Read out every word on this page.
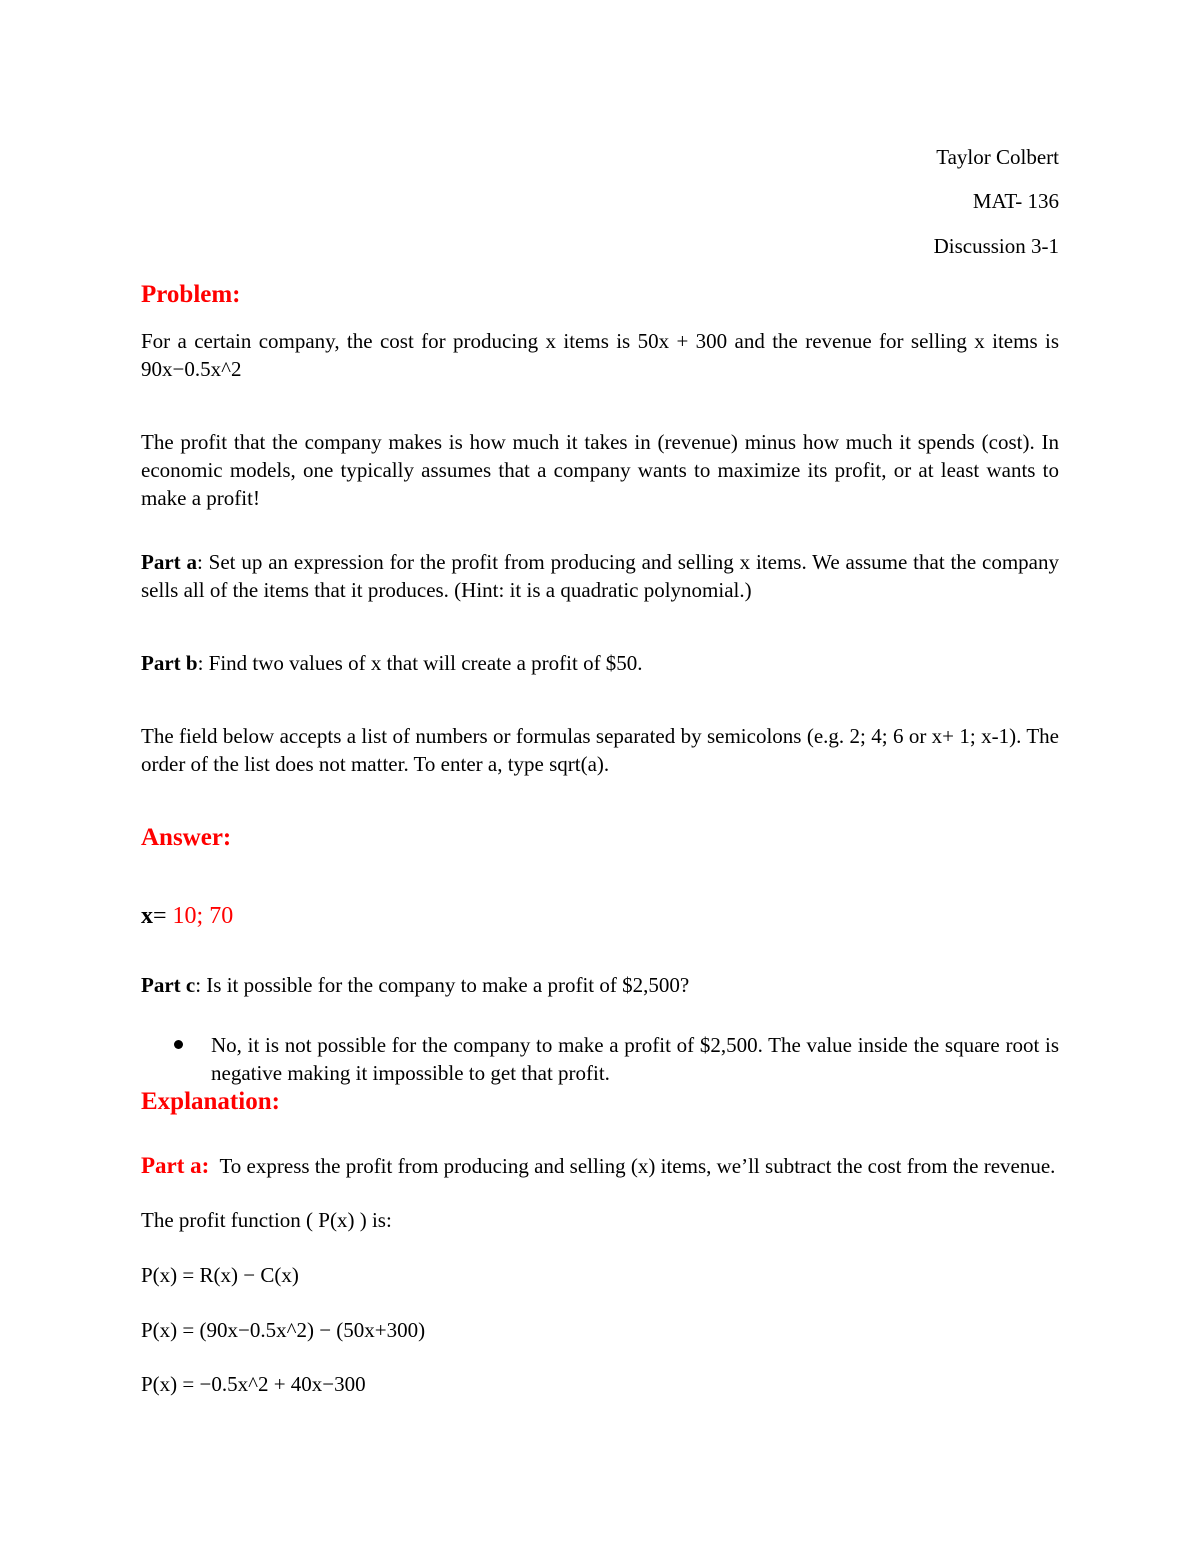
Taylor Colbert
MAT- 136
Discussion 3-1
Problem:

For a certain company, the cost for producing x items is 50x + 300 and the revenue for selling x items is 90x−0.5x^2

The profit that the company makes is how much it takes in (revenue) minus how much it spends (cost). In economic models, one typically assumes that a company wants to maximize its profit, or at least wants to make a profit!

Part a: Set up an expression for the profit from producing and selling x items. We assume that the company sells all of the items that it produces. (Hint: it is a quadratic polynomial.)

Part b: Find two values of x that will create a profit of $50.

The field below accepts a list of numbers or formulas separated by semicolons (e.g. 2; 4; 6 or x+ 1; x-1). The order of the list does not matter. To enter a, type sqrt(a).

Answer:
x= 10; 70

Part c: Is it possible for the company to make a profit of $2,500?

No, it is not possible for the company to make a profit of $2,500. The value inside the square root is negative making it impossible to get that profit.

Explanation:

Part a:  To express the profit from producing and selling (x) items, we’ll subtract the cost from the revenue.

The profit function ( P(x) ) is:

P(x) = R(x) − C(x)

P(x) = (90x−0.5x^2) − (50x+300)

P(x) = −0.5x^2 + 40x−300
